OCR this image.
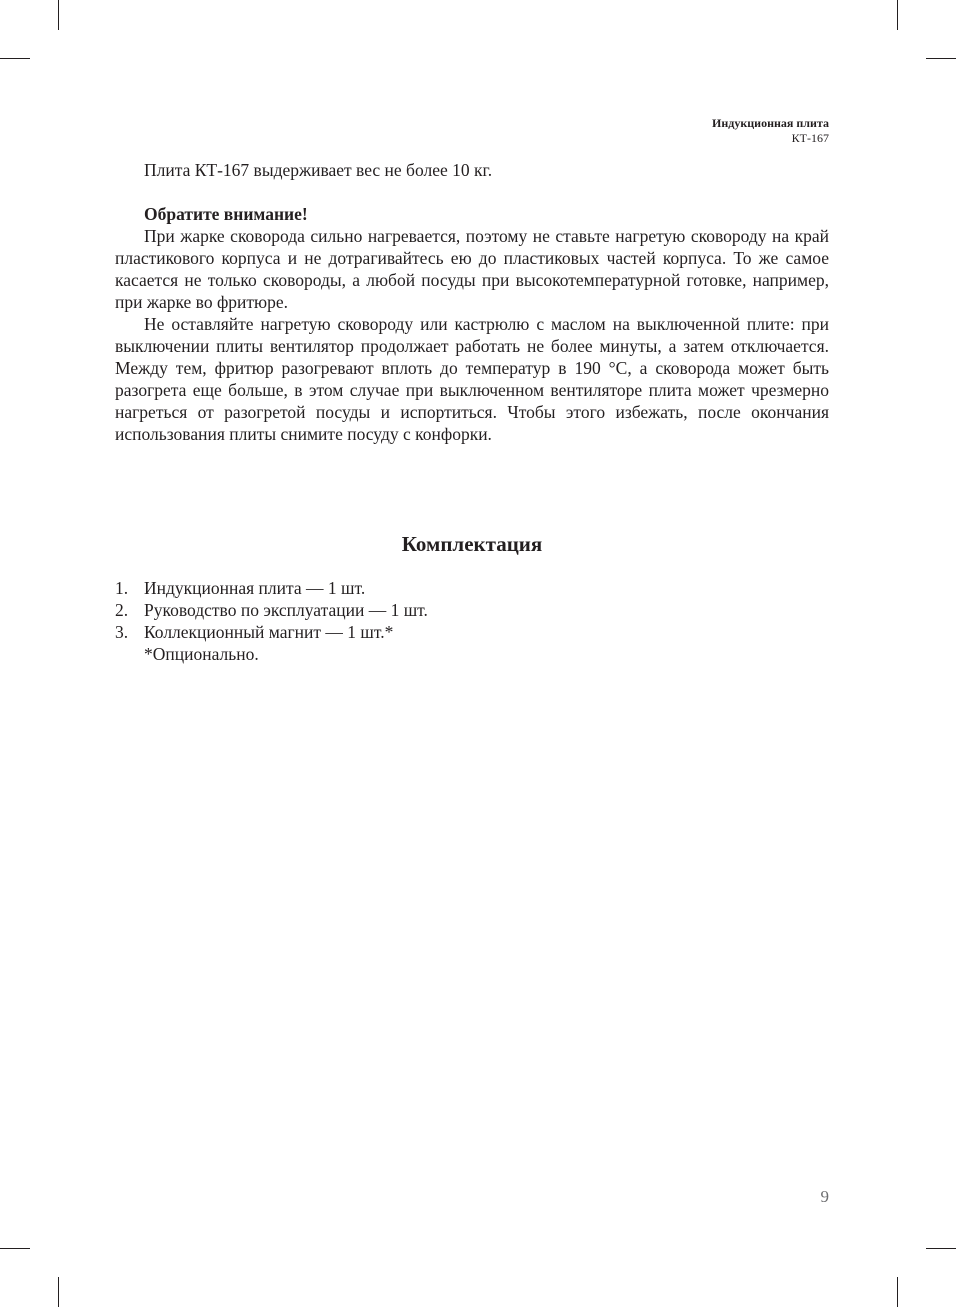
Индукционная плита
КТ-167

Плита КТ-167 выдерживает вес не более 10 кг.

Обратите внимание!

При жарке сковорода сильно нагревается, поэтому не ставьте нагретую сковороду на край пластикового корпуса и не дотрагивайтесь ею до пластиковых частей корпуса. То же самое касается не только сковороды, а любой посуды при высокотемпературной готовке, например, при жарке во фритюре.

Не оставляйте нагретую сковороду или кастрюлю с маслом на выключенной плите: при выключении плиты вентилятор продолжает работать не более минуты, а затем отключается. Между тем, фритюр разогревают вплоть до температур в 190 °С, а сковорода может быть разогрета еще больше, в этом случае при выключенном вентиляторе плита может чрезмерно нагреться от разогретой посуды и испортиться. Чтобы этого избежать, после окончания использования плиты снимите посуду с конфорки.

Комплектация
1. Индукционная плита — 1 шт.
2. Руководство по эксплуатации — 1 шт.
3. Коллекционный магнит — 1 шт.*
*Опционально.
9
